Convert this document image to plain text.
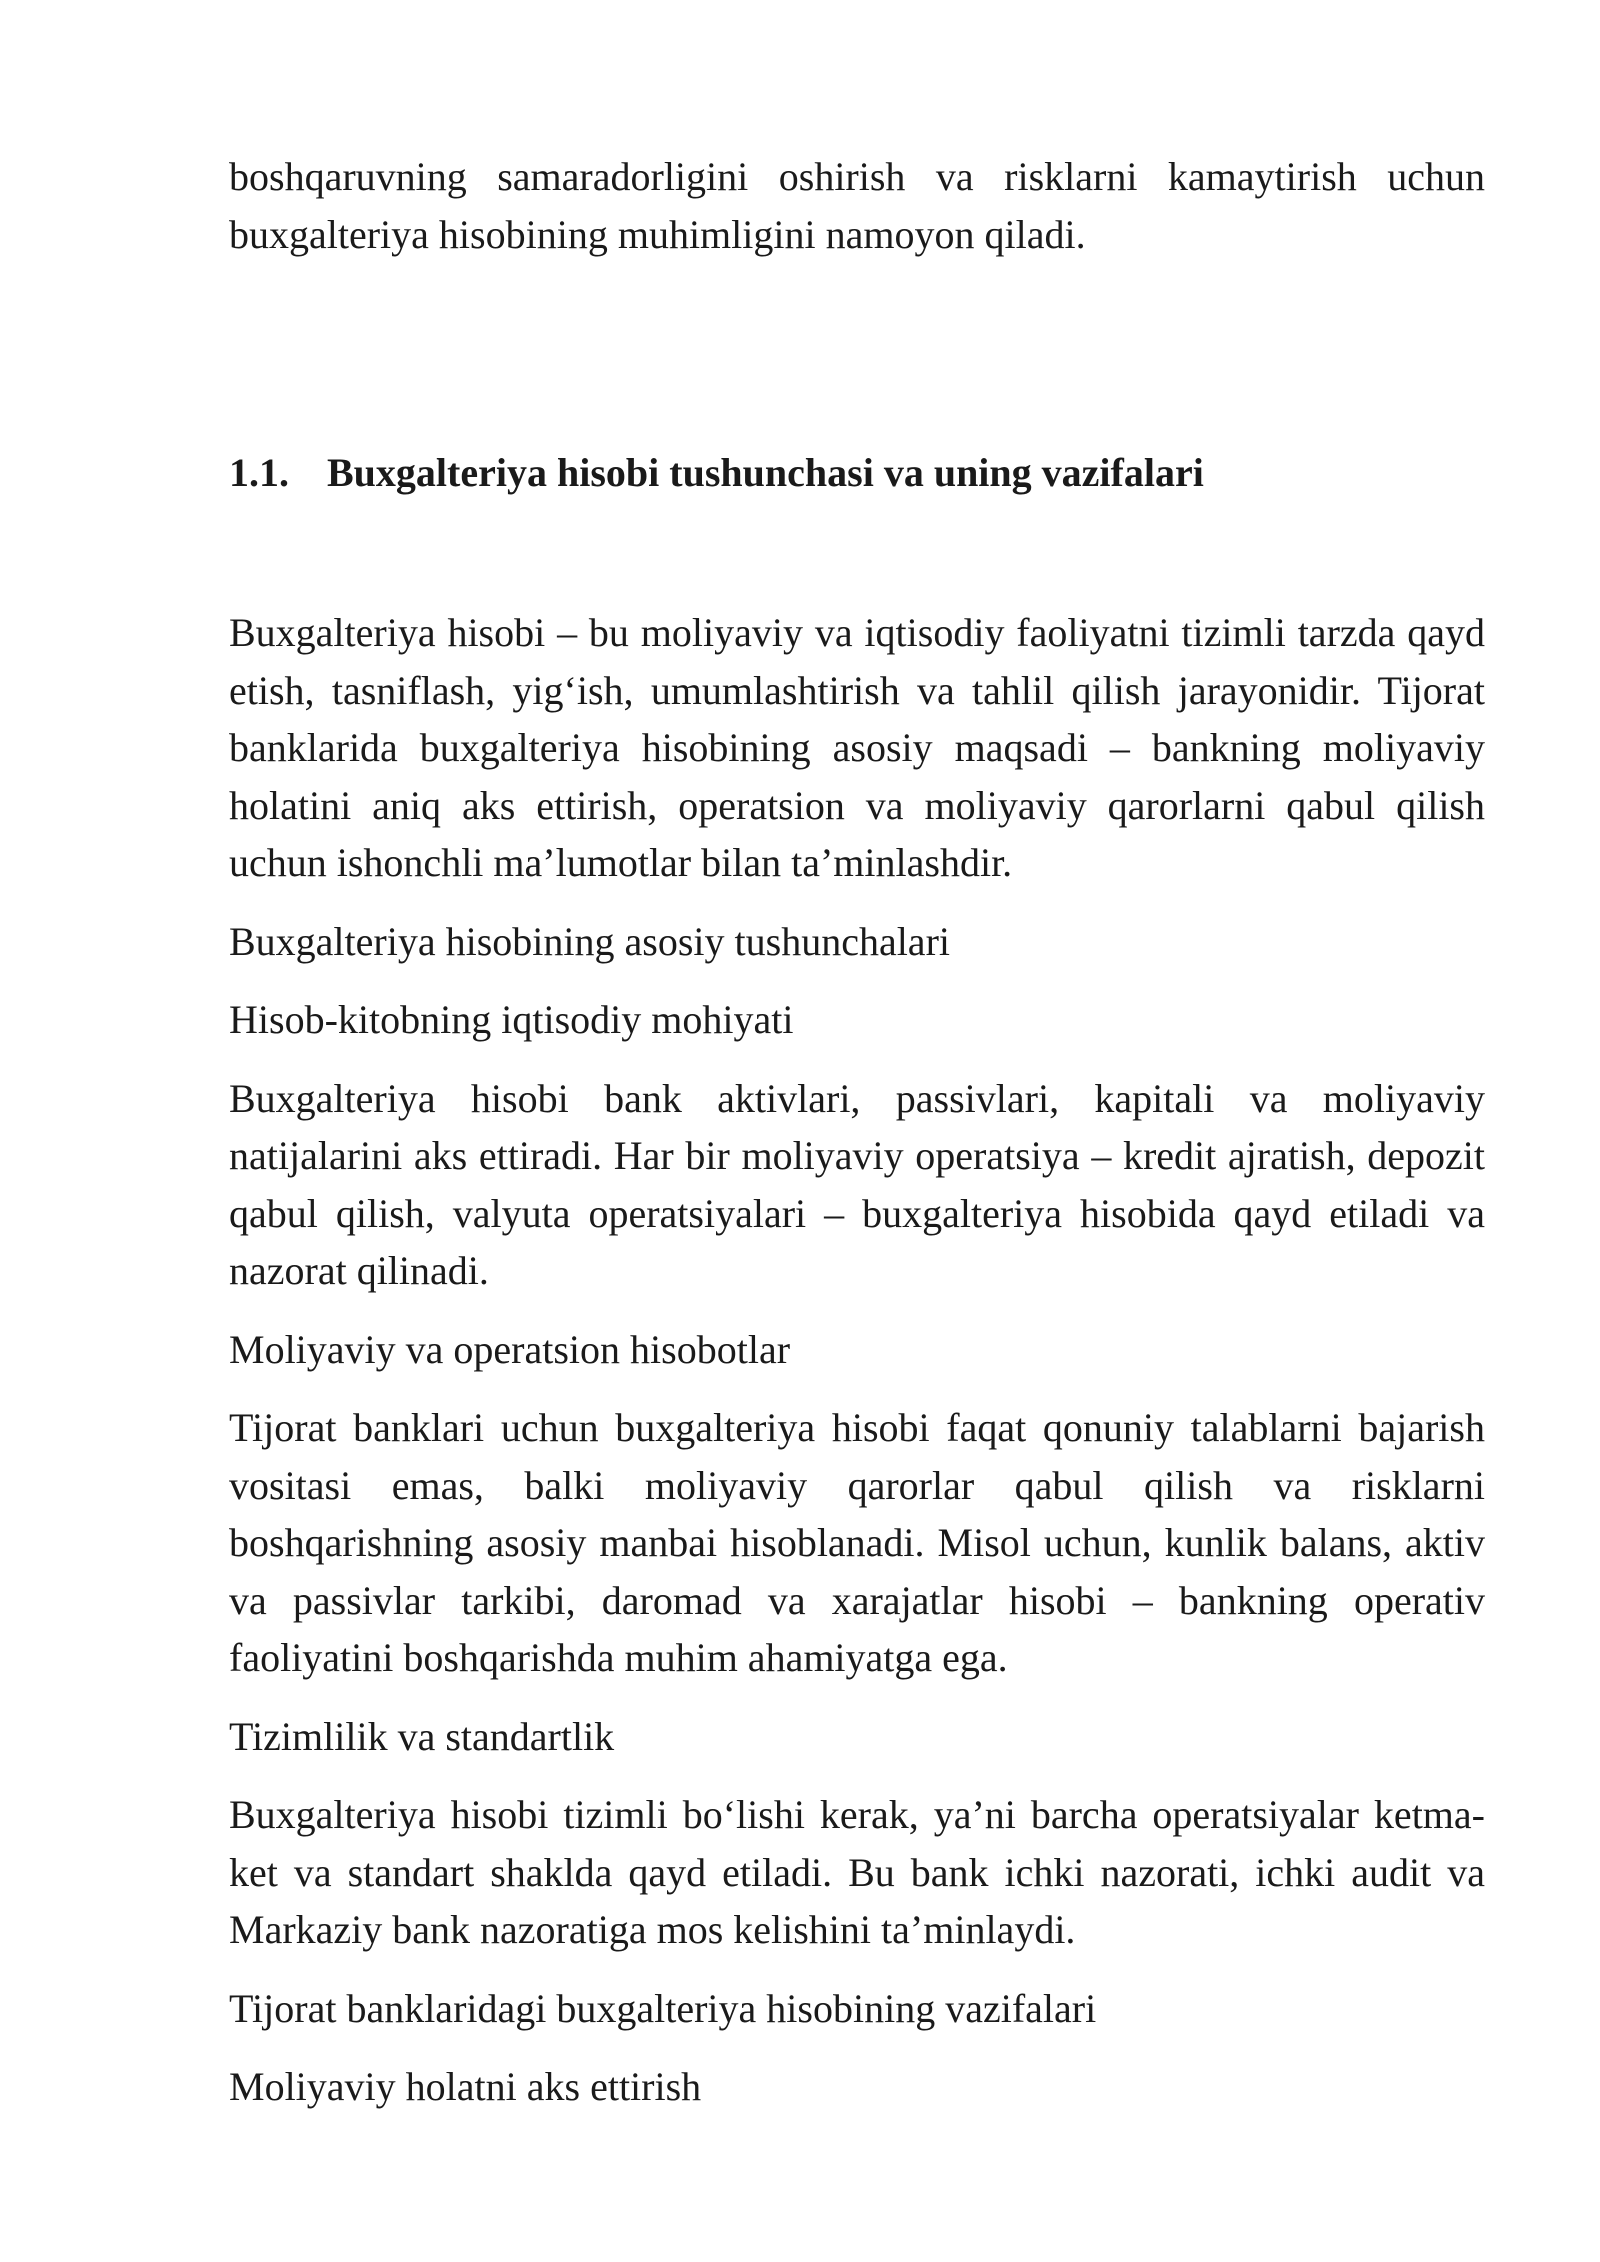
boshqaruvning samaradorligini oshirish va risklarni kamaytirish uchun buxgalteriya hisobining muhimligini namoyon qiladi.

1.1. Buxgalteriya hisobi tushunchasi va uning vazifalari

Buxgalteriya hisobi – bu moliyaviy va iqtisodiy faoliyatni tizimli tarzda qayd etish, tasniflash, yig‘ish, umumlashtirish va tahlil qilish jarayonidir. Tijorat banklarida buxgalteriya hisobining asosiy maqsadi – bankning moliyaviy holatini aniq aks ettirish, operatsion va moliyaviy qarorlarni qabul qilish uchun ishonchli ma’lumotlar bilan ta’minlashdir.

Buxgalteriya hisobining asosiy tushunchalari

Hisob-kitobning iqtisodiy mohiyati

Buxgalteriya hisobi bank aktivlari, passivlari, kapitali va moliyaviy natijalarini aks ettiradi. Har bir moliyaviy operatsiya – kredit ajratish, depozit qabul qilish, valyuta operatsiyalari – buxgalteriya hisobida qayd etiladi va nazorat qilinadi.

Moliyaviy va operatsion hisobotlar

Tijorat banklari uchun buxgalteriya hisobi faqat qonuniy talablarni bajarish vositasi emas, balki moliyaviy qarorlar qabul qilish va risklarni boshqarishning asosiy manbai hisoblanadi. Misol uchun, kunlik balans, aktiv va passivlar tarkibi, daromad va xarajatlar hisobi – bankning operativ faoliyatini boshqarishda muhim ahamiyatga ega.

Tizimlilik va standartlik

Buxgalteriya hisobi tizimli bo‘lishi kerak, ya’ni barcha operatsiyalar ketma-ket va standart shaklda qayd etiladi. Bu bank ichki nazorati, ichki audit va Markaziy bank nazoratiga mos kelishini ta’minlaydi.

Tijorat banklaridagi buxgalteriya hisobining vazifalari

Moliyaviy holatni aks ettirish
